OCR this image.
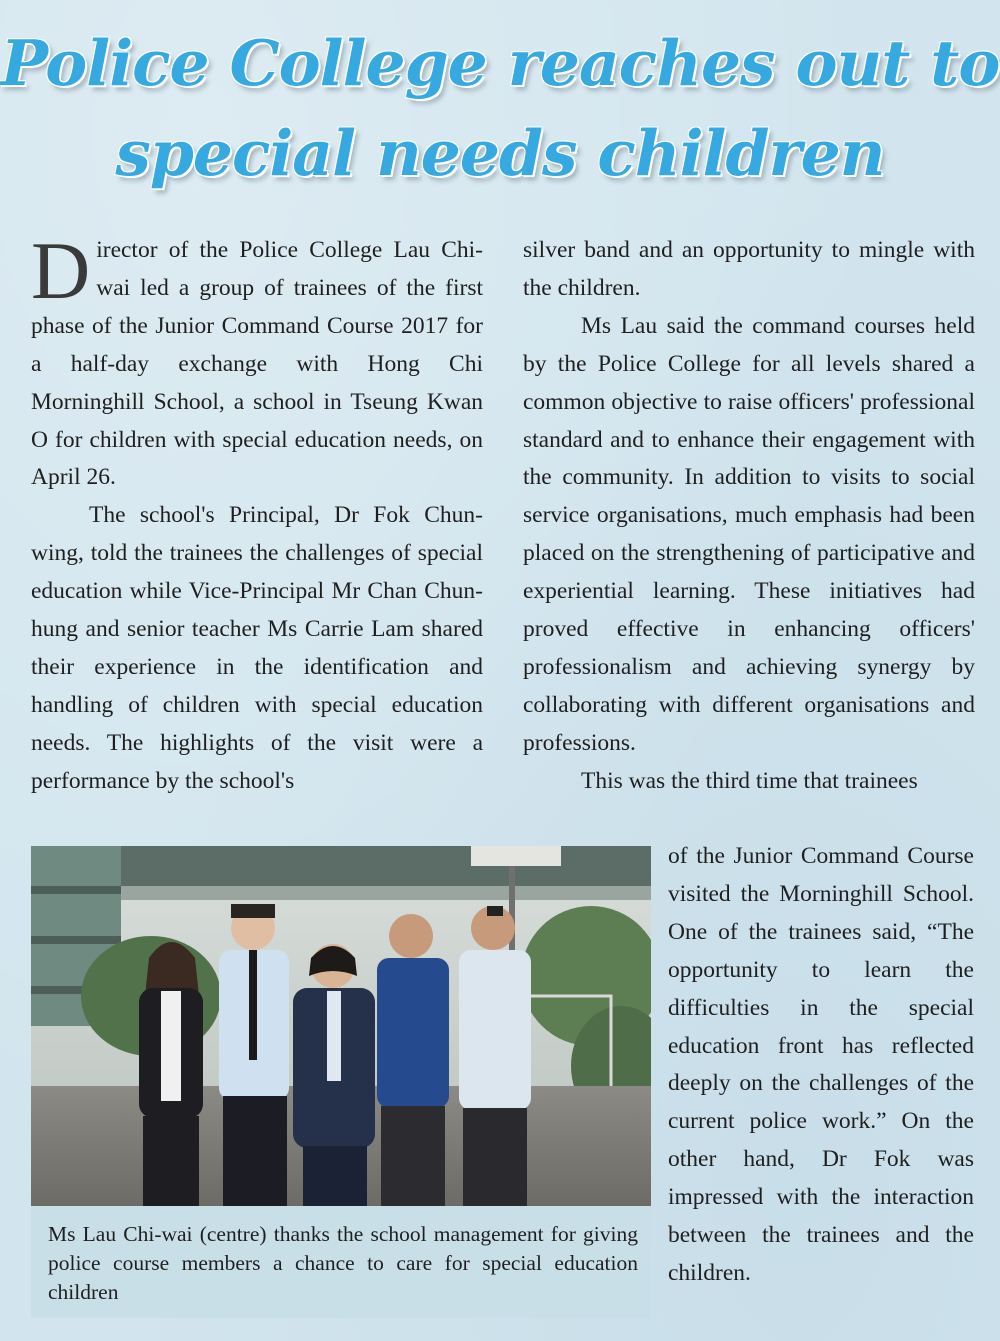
Police College reaches out to
special needs children

Director of the Police College Lau Chi-wai led a group of trainees of the first phase of the Junior Command Course 2017 for a half-day exchange with Hong Chi Morninghill School, a school in Tseung Kwan O for children with special education needs, on April 26.

The school's Principal, Dr Fok Chun-wing, told the trainees the challenges of special education while Vice-Principal Mr Chan Chun-hung and senior teacher Ms Carrie Lam shared their experience in the identification and handling of children with special education needs. The highlights of the visit were a performance by the school's

silver band and an opportunity to mingle with the children.

Ms Lau said the command courses held by the Police College for all levels shared a common objective to raise officers' professional standard and to enhance their engagement with the community. In addition to visits to social service organisations, much emphasis had been placed on the strengthening of participative and experiential learning. These initiatives had proved effective in enhancing officers' professionalism and achieving synergy by collaborating with different organisations and professions.

This was the third time that trainees

of the Junior Command Course visited the Morninghill School. One of the trainees said, “The opportunity to learn the difficulties in the special education front has reflected deeply on the challenges of the current police work.” On the other hand, Dr Fok was impressed with the interaction between the trainees and the children.

Ms Lau Chi-wai (centre) thanks the school management for giving police course members a chance to care for special education children
